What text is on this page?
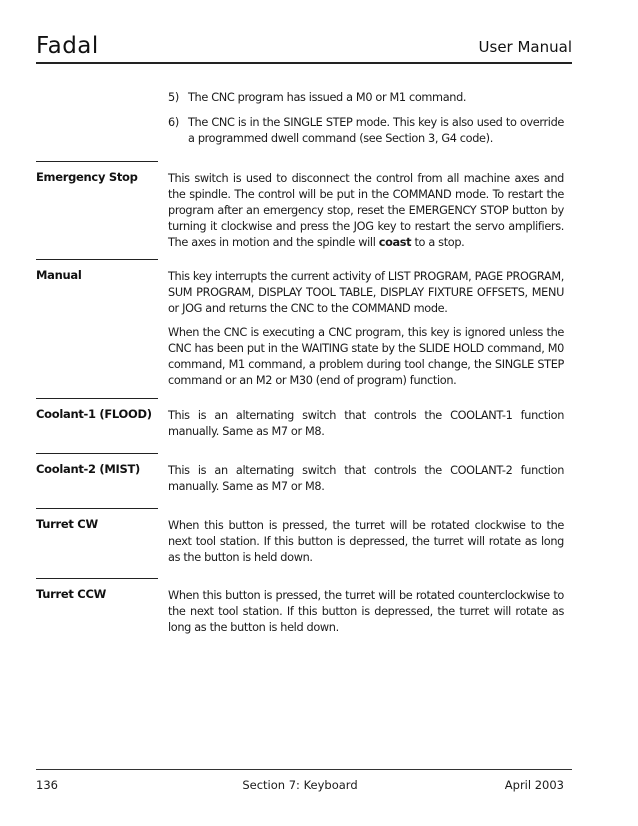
Fadal	User Manual
5) The CNC program has issued a M0 or M1 command.
6) The CNC is in the SINGLE STEP mode. This key is also used to override a programmed dwell command (see Section 3, G4 code).
Emergency Stop	This switch is used to disconnect the control from all machine axes and the spindle. The control will be put in the COMMAND mode. To restart the program after an emergency stop, reset the EMERGENCY STOP button by turning it clockwise and press the JOG key to restart the servo amplifiers. The axes in motion and the spindle will coast to a stop.

Manual	This key interrupts the current activity of LIST PROGRAM, PAGE PROGRAM, SUM PROGRAM, DISPLAY TOOL TABLE, DISPLAY FIXTURE OFFSETS, MENU or JOG and returns the CNC to the COMMAND mode.

When the CNC is executing a CNC program, this key is ignored unless the CNC has been put in the WAITING state by the SLIDE HOLD command, M0 command, M1 command, a problem during tool change, the SINGLE STEP command or an M2 or M30 (end of program) function.

Coolant-1 (FLOOD)	This is an alternating switch that controls the COOLANT-1 function manually. Same as M7 or M8.

Coolant-2 (MIST)	This is an alternating switch that controls the COOLANT-2 function manually. Same as M7 or M8.

Turret CW	When this button is pressed, the turret will be rotated clockwise to the next tool station. If this button is depressed, the turret will rotate as long as the button is held down.

Turret CCW	When this button is pressed, the turret will be rotated counterclockwise to the next tool station. If this button is depressed, the turret will rotate as long as the button is held down.

136	Section 7: Keyboard	April 2003
